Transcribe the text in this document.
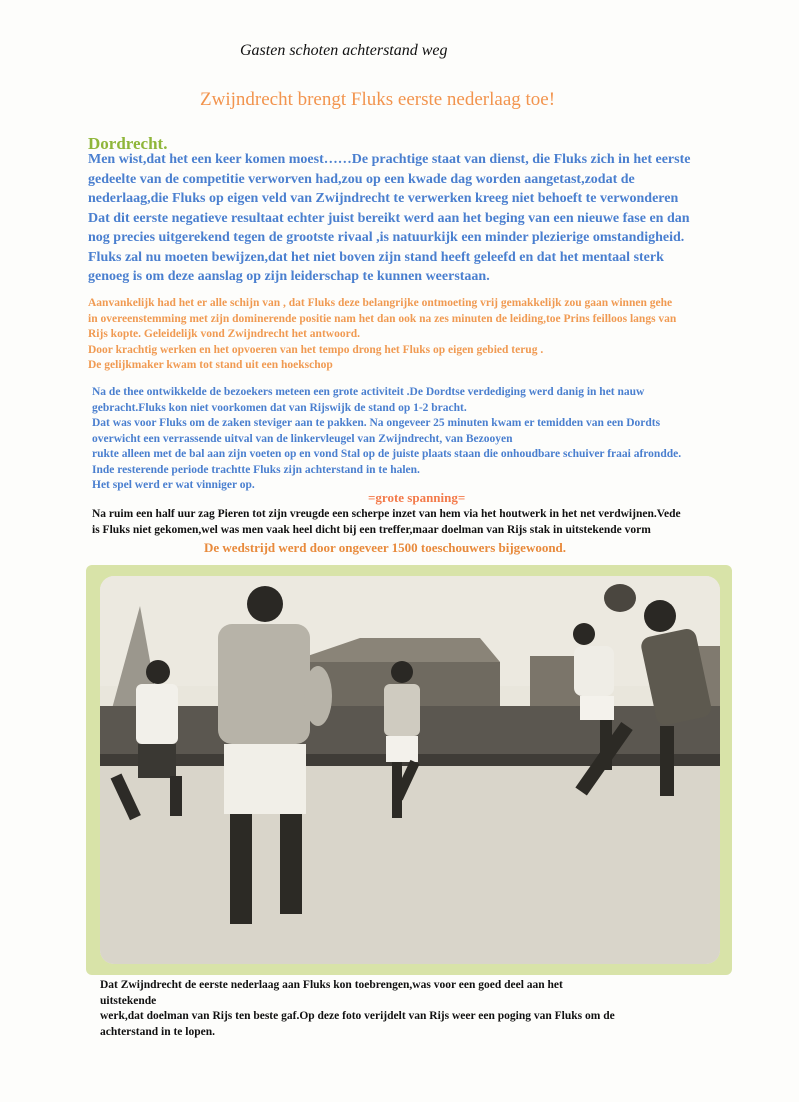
Gasten schoten achterstand weg
Zwijndrecht brengt Fluks eerste nederlaag toe!
Dordrecht.
Men wist,dat het een keer komen moest……De prachtige staat van dienst, die Fluks zich in het eerste
gedeelte van de competitie verworven had,zou op een kwade dag worden aangetast,zodat de
nederlaag,die Fluks op eigen veld van Zwijndrecht te verwerken kreeg niet behoeft te verwonderen
Dat dit eerste negatieve resultaat echter juist bereikt werd aan het beging van een nieuwe fase en dan
nog precies uitgerekend tegen de grootste rivaal ,is natuurkijk een minder plezierige omstandigheid.
Fluks zal nu moeten bewijzen,dat het niet boven zijn stand heeft geleefd en dat het mentaal sterk
genoeg is om deze aanslag op zijn leiderschap te kunnen weerstaan.
Aanvankelijk had het er alle schijn van , dat Fluks deze belangrijke ontmoeting vrij gemakkelijk zou gaan winnen gehe
in overeenstemming met zijn dominerende positie nam het dan ook na zes minuten de leiding,toe Prins feilloos langs van
Rijs kopte. Geleidelijk vond Zwijndrecht het antwoord.
Door krachtig werken en het opvoeren van het tempo drong het Fluks op eigen gebied terug .
De gelijkmaker kwam tot stand uit een hoekschop
Na de thee ontwikkelde de bezoekers meteen een grote activiteit .De Dordtse verdediging werd danig in het nauw
gebracht.Fluks kon niet voorkomen dat van Rijswijk de stand op 1-2 bracht.
Dat was voor Fluks om de zaken steviger aan te pakken. Na ongeveer 25 minuten kwam er temidden van een Dordts
overwicht een verrassende uitval van de linkervleugel van Zwijndrecht, van Bezooyen
rukte alleen met de bal aan zijn voeten op en vond Stal op de juiste plaats staan die onhoudbare schuiver fraai afrondde.
Inde resterende periode trachtte Fluks zijn achterstand in te halen.
Het spel werd er wat vinniger op.
=grote spanning=
Na ruim een half uur zag Pieren tot zijn vreugde een scherpe inzet van hem via het houtwerk in het net verdwijnen.Vede
is Fluks niet gekomen,wel was men vaak heel dicht bij een treffer,maar doelman van Rijs stak in uitstekende vorm
De wedstrijd werd door ongeveer 1500 toeschouwers bijgewoond.
Dat Zwijndrecht de eerste nederlaag aan Fluks kon toebrengen,was voor een goed deel aan het
uitstekende
werk,dat doelman van Rijs ten beste gaf.Op deze foto verijdelt van Rijs weer een poging van Fluks om de
achterstand in te lopen.
